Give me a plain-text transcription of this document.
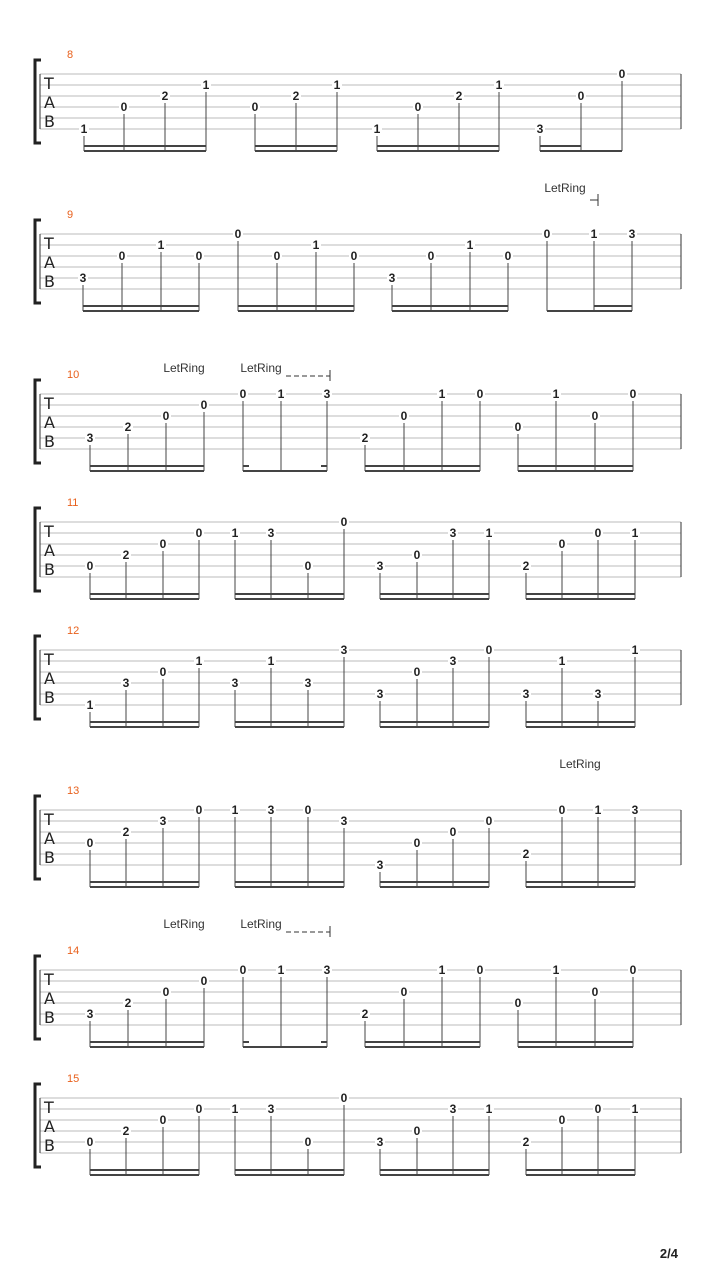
2/4
T
A
B
8
1
0
2
1
0
2
1
1
0
2
1
3
0
0
T
A
B
9
LetRing
3
0
1
0
0
0
1
0
3
0
1
0
0	1	3
T
A
B
10	LetRing	LetRing
3
2
0
0
0	1	3
2
0
1	0
0
1
0
0
T
A
B
11
0
2
0
0 1 3
0
0
3
0
3 1
2
0
0	1
T
A
B
12
1
3
0
1
3
1
3
3
3
0
3
0
3
1
3
1
T
A
B
13
LetRing
0
2
3
0 1 3	0
3
3
0
0
0
2
0 1	3
T
A
B
14
LetRing	LetRing
3
2
0
0
0	1	3
2
0
1	0
0
1
0
0
T
A
B
15
0
2
0
0 1 3
0
0
3
0
3 1
2
0
0	1
